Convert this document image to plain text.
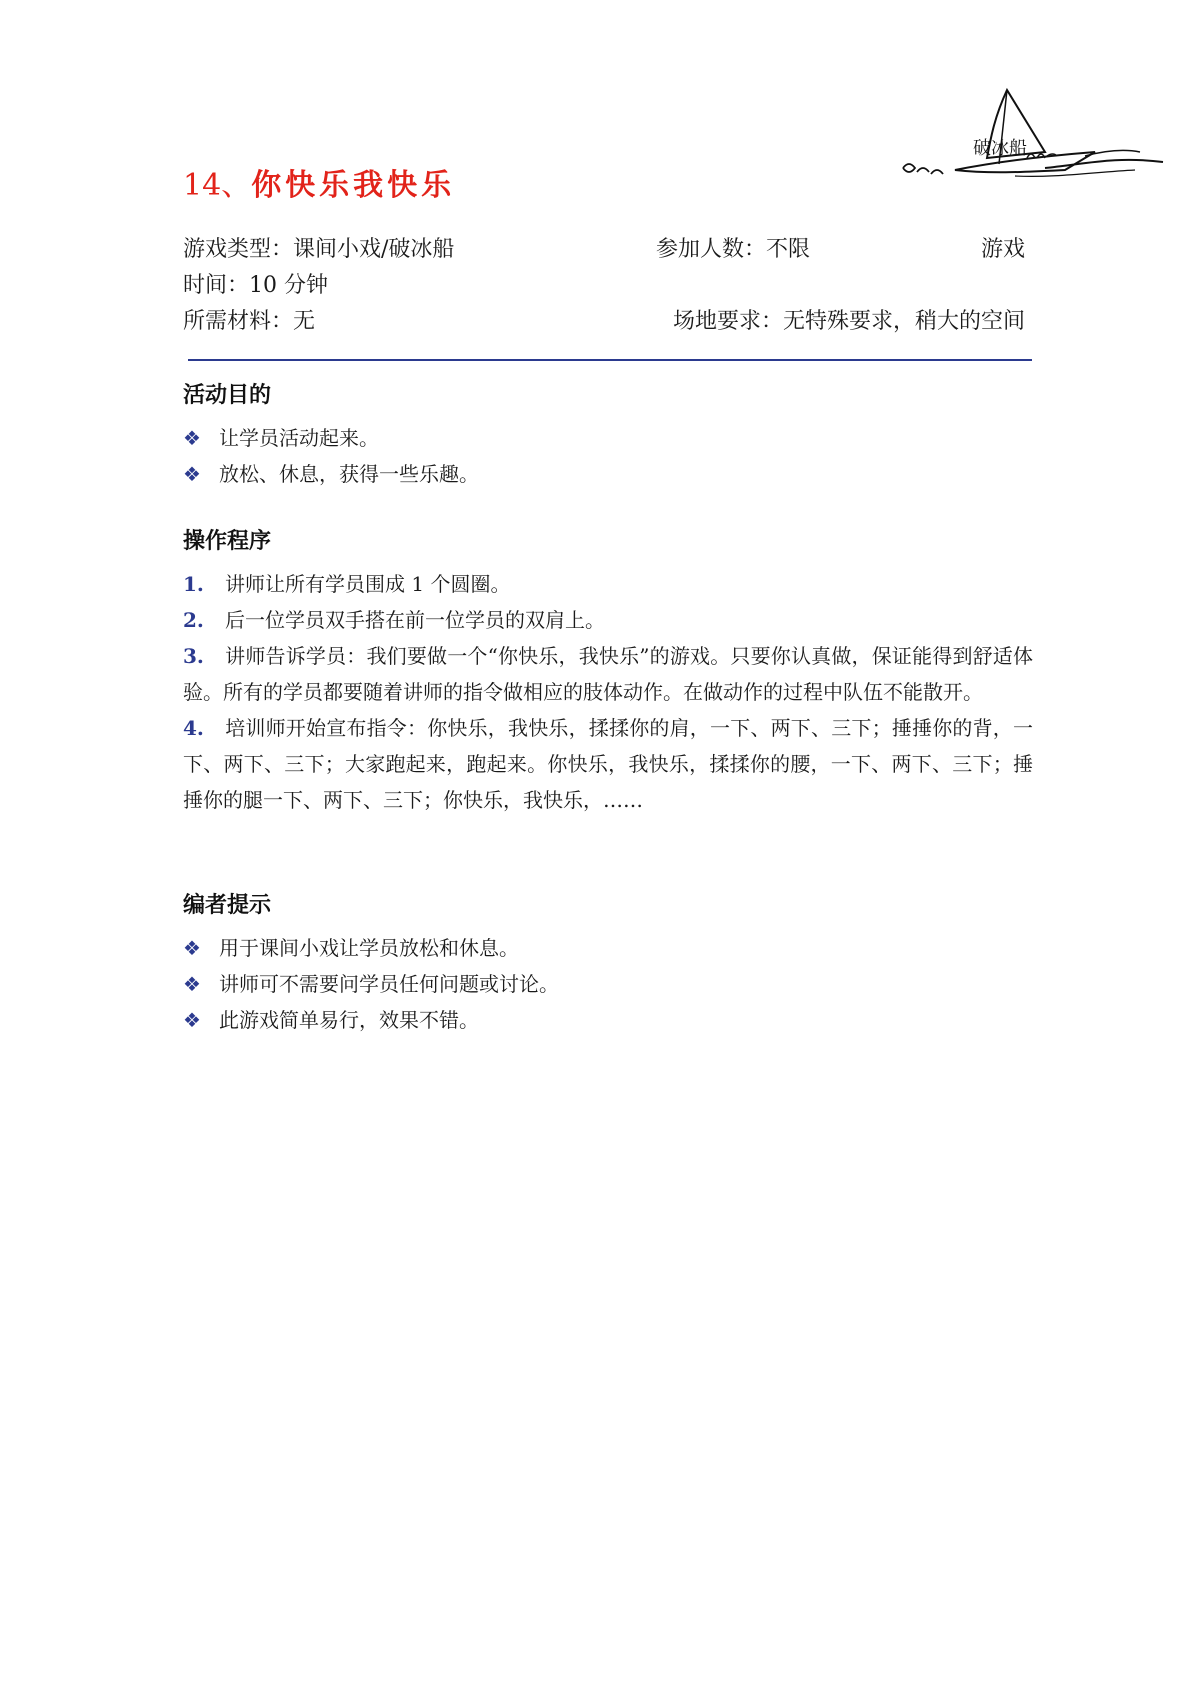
破冰船
14、你快乐我快乐
游戏类型：课间小戏/破冰船	参加人数：不限	游戏
时间：10 分钟
所需材料：无	场地要求：无特殊要求，稍大的空间
活动目的
❖ 让学员活动起来。
❖ 放松、休息，获得一些乐趣。
操作程序
1. 讲师让所有学员围成 1 个圆圈。
2. 后一位学员双手搭在前一位学员的双肩上。
3. 讲师告诉学员：我们要做一个“你快乐，我快乐”的游戏。只要你认真做，保证能得到舒适体验。所有的学员都要随着讲师的指令做相应的肢体动作。在做动作的过程中队伍不能散开。
4. 培训师开始宣布指令：你快乐，我快乐，揉揉你的肩，一下、两下、三下；捶捶你的背，一下、两下、三下；大家跑起来，跑起来。你快乐，我快乐，揉揉你的腰，一下、两下、三下；捶捶你的腿一下、两下、三下；你快乐，我快乐，……
编者提示
❖ 用于课间小戏让学员放松和休息。
❖ 讲师可不需要问学员任何问题或讨论。
❖ 此游戏简单易行，效果不错。
